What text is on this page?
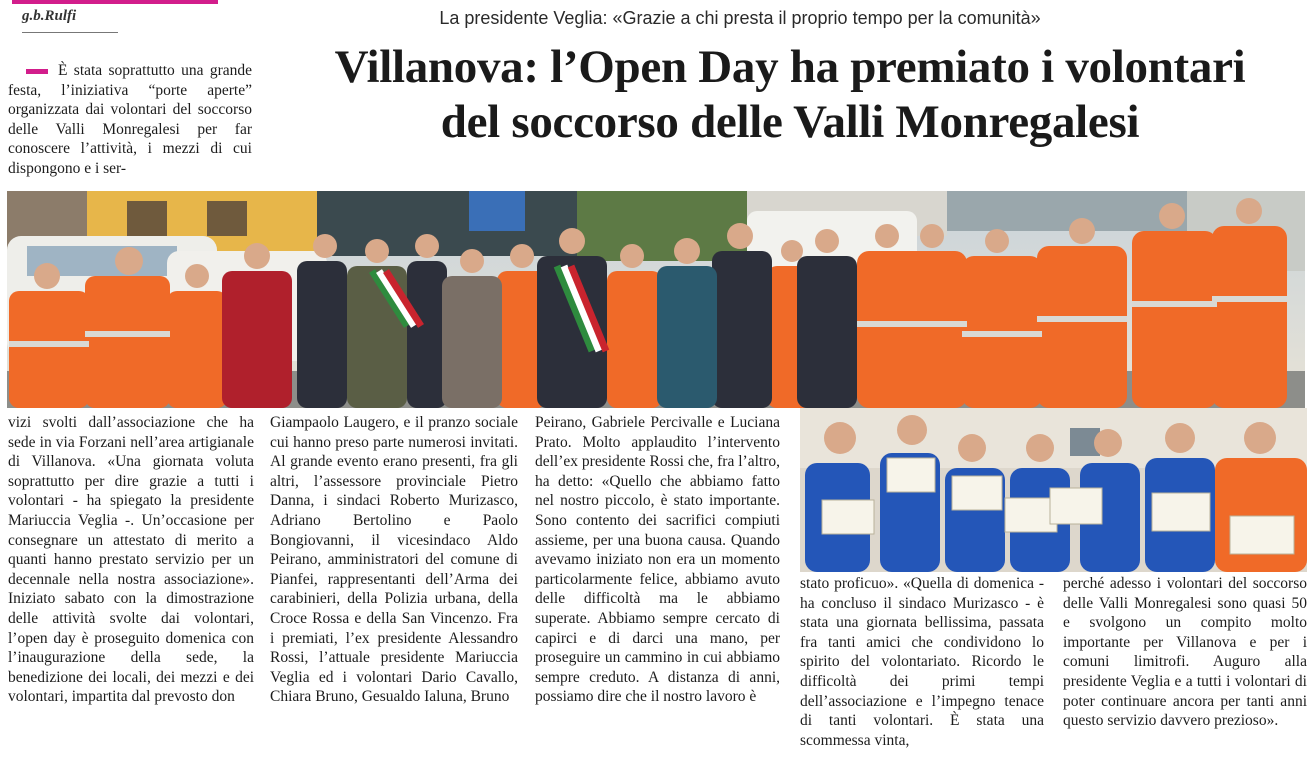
g.b.Rulfi	La presidente Veglia: «Grazie a chi presta il proprio tempo per la comunità»
Villanova: l’Open Day ha premiato i volontari
del soccorso delle Valli Monregalesi

È stata soprattutto una grande festa, l’iniziativa “porte aperte” organizzata dai volontari del soccorso delle Valli Monregalesi per far conoscere l’attività, i mezzi di cui dispongono e i ser-

vizi svolti dall’associazione che ha sede in via Forzani nell’area artigianale di Villanova. «Una giornata voluta soprattutto per dire grazie a tutti i volontari - ha spiegato la presidente Mariuccia Veglia -. Un’occasione per consegnare un attestato di merito a quanti hanno prestato servizio per un decennale nella nostra associazione». Iniziato sabato con la dimostrazione delle attività svolte dai volontari, l’open day è proseguito domenica con l’inaugurazione della sede, la benedizione dei locali, dei mezzi e dei volontari, impartita dal prevosto don

Giampaolo Laugero, e il pranzo sociale cui hanno preso parte numerosi invitati. Al grande evento erano presenti, fra gli altri, l’assessore provinciale Pietro Danna, i sindaci Roberto Murizasco, Adriano Bertolino e Paolo Bongiovanni, il vicesindaco Aldo Peirano, amministratori del comune di Pianfei, rappresentanti dell’Arma dei carabinieri, della Polizia urbana, della Croce Rossa e della San Vincenzo. Fra i premiati, l’ex presidente Alessandro Rossi, l’attuale presidente Mariuccia Veglia ed i volontari Dario Cavallo, Chiara Bruno, Gesualdo Ialuna, Bruno

Peirano, Gabriele Percivalle e Luciana Prato. Molto applaudito l’intervento dell’ex presidente Rossi che, fra l’altro, ha detto: «Quello che abbiamo fatto nel nostro piccolo, è stato importante. Sono contento dei sacrifici compiuti assieme, per una buona causa. Quando avevamo iniziato non era un momento particolarmente felice, abbiamo avuto delle difficoltà ma le abbiamo superate. Abbiamo sempre cercato di capirci e di darci una mano, per proseguire un cammino in cui abbiamo sempre creduto. A distanza di anni, possiamo dire che il nostro lavoro è

stato proficuo». «Quella di domenica - ha concluso il sindaco Murizasco - è stata una giornata bellissima, passata fra tanti amici che condividono lo spirito del volontariato. Ricordo le difficoltà dei primi tempi dell’associazione e l’impegno tenace di tanti volontari. È stata una scommessa vinta,

perché adesso i volontari del soccorso delle Valli Monregalesi sono quasi 50 e svolgono un compito molto importante per Villanova e per i comuni limitrofi. Auguro alla presidente Veglia e a tutti i volontari di poter continuare ancora per tanti anni questo servizio davvero prezioso».
